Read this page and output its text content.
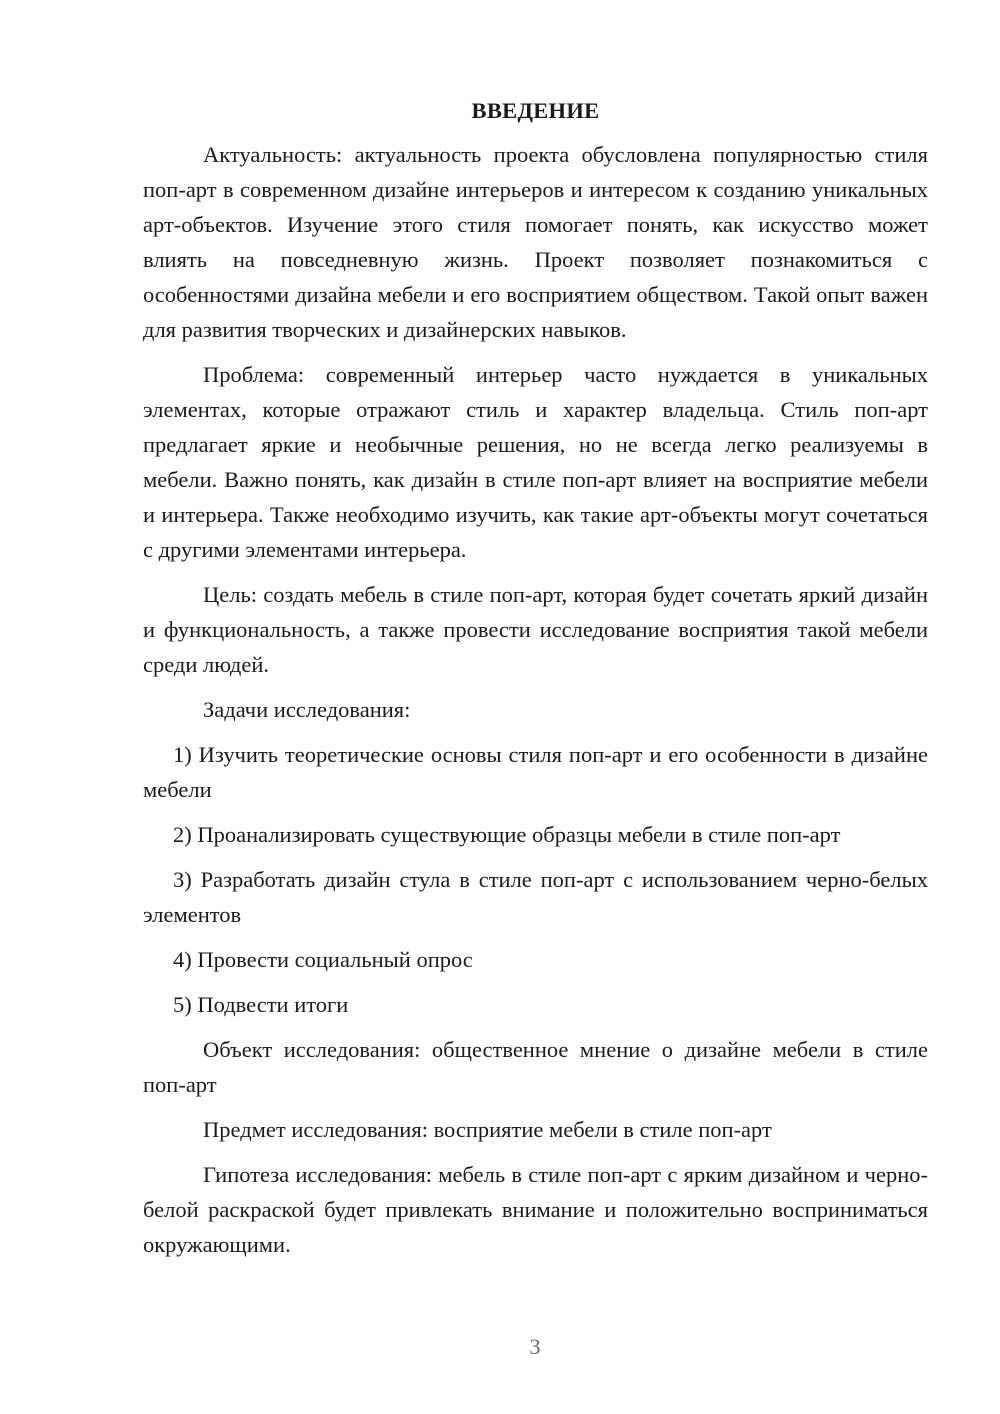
ВВЕДЕНИЕ

Актуальность: актуальность проекта обусловлена популярностью стиля поп-арт в современном дизайне интерьеров и интересом к созданию уникальных арт-объектов. Изучение этого стиля помогает понять, как искусство может влиять на повседневную жизнь. Проект позволяет познакомиться с особенностями дизайна мебели и его восприятием обществом. Такой опыт важен для развития творческих и дизайнерских навыков.

Проблема: современный интерьер часто нуждается в уникальных элементах, которые отражают стиль и характер владельца. Стиль поп-арт предлагает яркие и необычные решения, но не всегда легко реализуемы в мебели. Важно понять, как дизайн в стиле поп-арт влияет на восприятие мебели и интерьера. Также необходимо изучить, как такие арт-объекты могут сочетаться с другими элементами интерьера.

Цель: создать мебель в стиле поп-арт, которая будет сочетать яркий дизайн и функциональность, а также провести исследование восприятия такой мебели среди людей.

Задачи исследования:

1) Изучить теоретические основы стиля поп-арт и его особенности в дизайне мебели

2) Проанализировать существующие образцы мебели в стиле поп-арт

3) Разработать дизайн стула в стиле поп-арт с использованием черно-белых элементов

4) Провести социальный опрос

5) Подвести итоги

Объект исследования: общественное мнение о дизайне мебели в стиле поп-арт

Предмет исследования: восприятие мебели в стиле поп-арт

Гипотеза исследования: мебель в стиле поп-арт с ярким дизайном и черно-белой раскраской будет привлекать внимание и положительно восприниматься окружающими.

3
